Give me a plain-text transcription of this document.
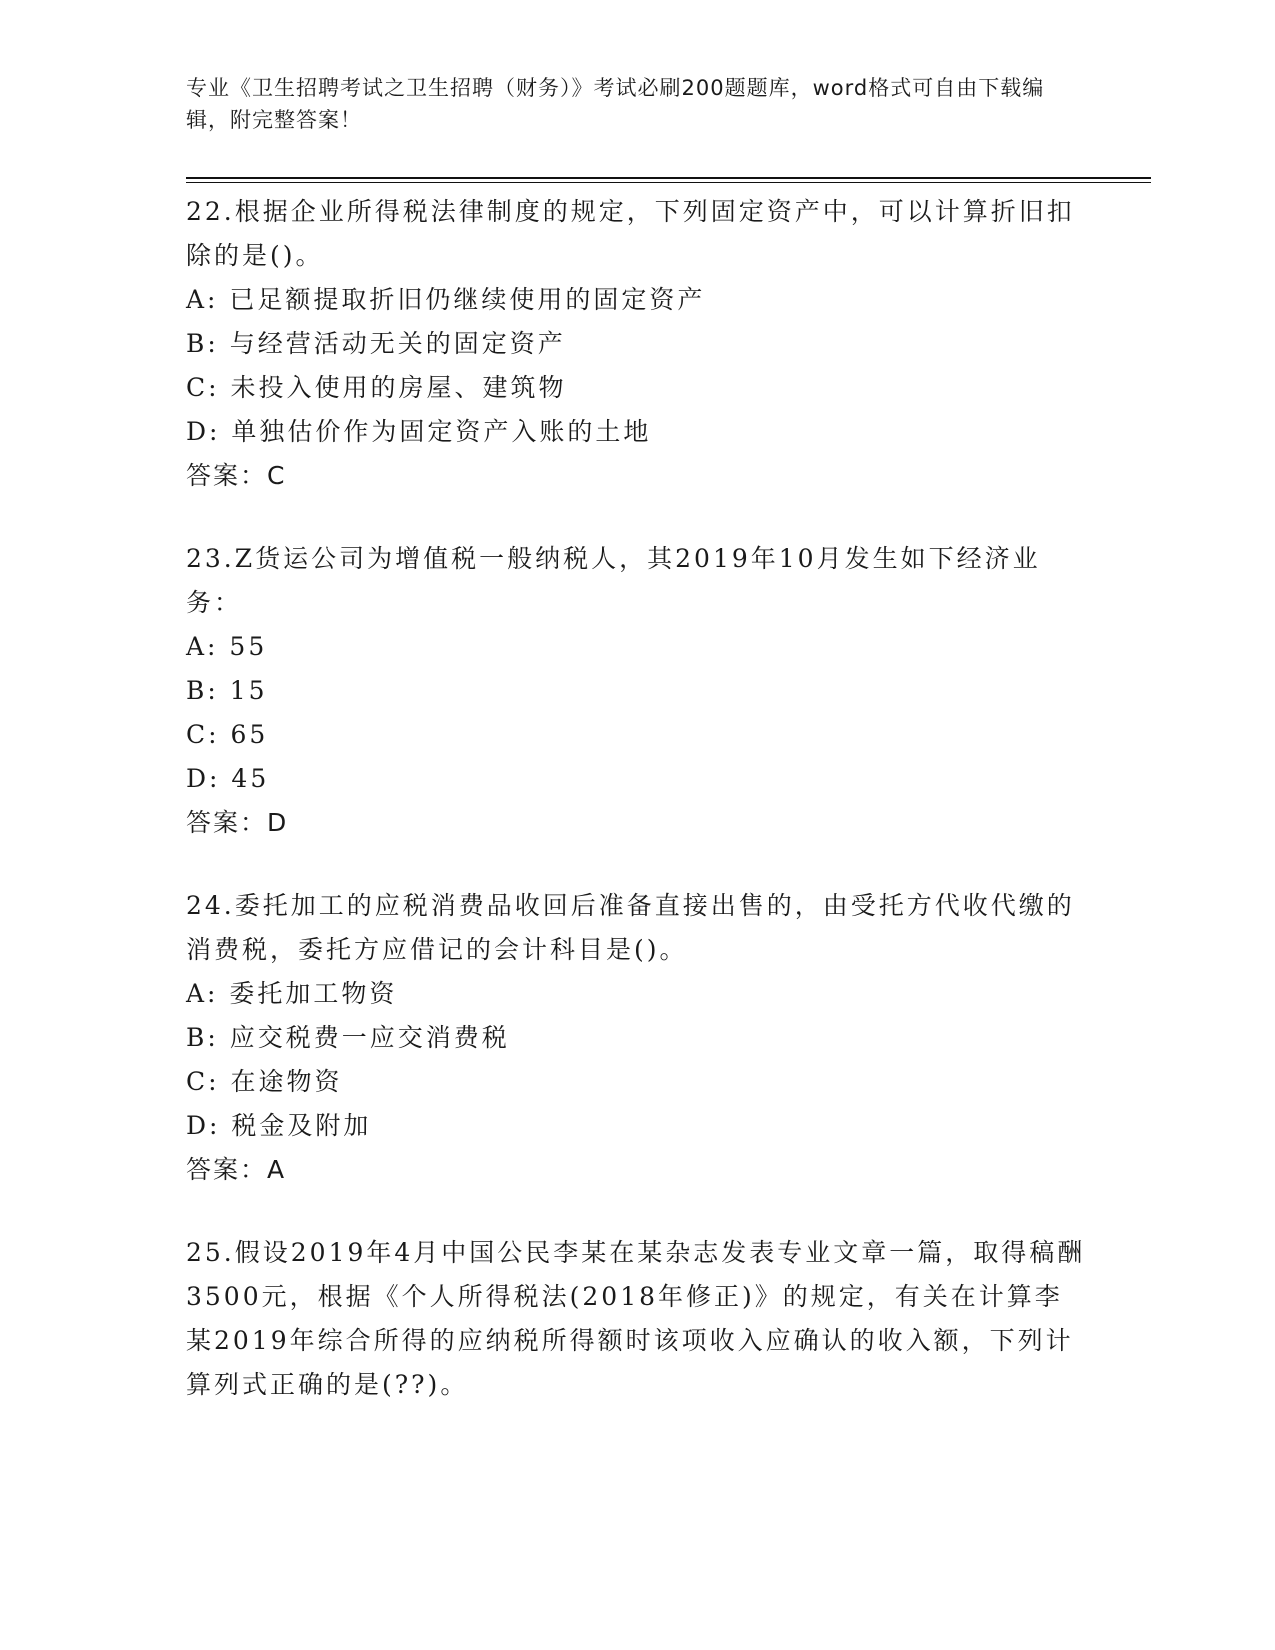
专业《卫生招聘考试之卫生招聘（财务）》考试必刷200题题库，word格式可自由下载编辑，附完整答案！

22.根据企业所得税法律制度的规定，下列固定资产中，可以计算折旧扣除的是()。

A: 已足额提取折旧仍继续使用的固定资产

B: 与经营活动无关的固定资产

C: 未投入使用的房屋、建筑物

D: 单独估价作为固定资产入账的土地

答案：C

23.Z货运公司为增值税一般纳税人，其2019年10月发生如下经济业务：

A: 55

B: 15

C: 65

D: 45

答案：D

24.委托加工的应税消费品收回后准备直接出售的，由受托方代收代缴的消费税，委托方应借记的会计科目是()。

A: 委托加工物资

B: 应交税费一应交消费税

C: 在途物资

D: 税金及附加

答案：A

25.假设2019年4月中国公民李某在某杂志发表专业文章一篇，取得稿酬3500元，根据《个人所得税法(2018年修正)》的规定，有关在计算李某2019年综合所得的应纳税所得额时该项收入应确认的收入额，下列计算列式正确的是(??)。
